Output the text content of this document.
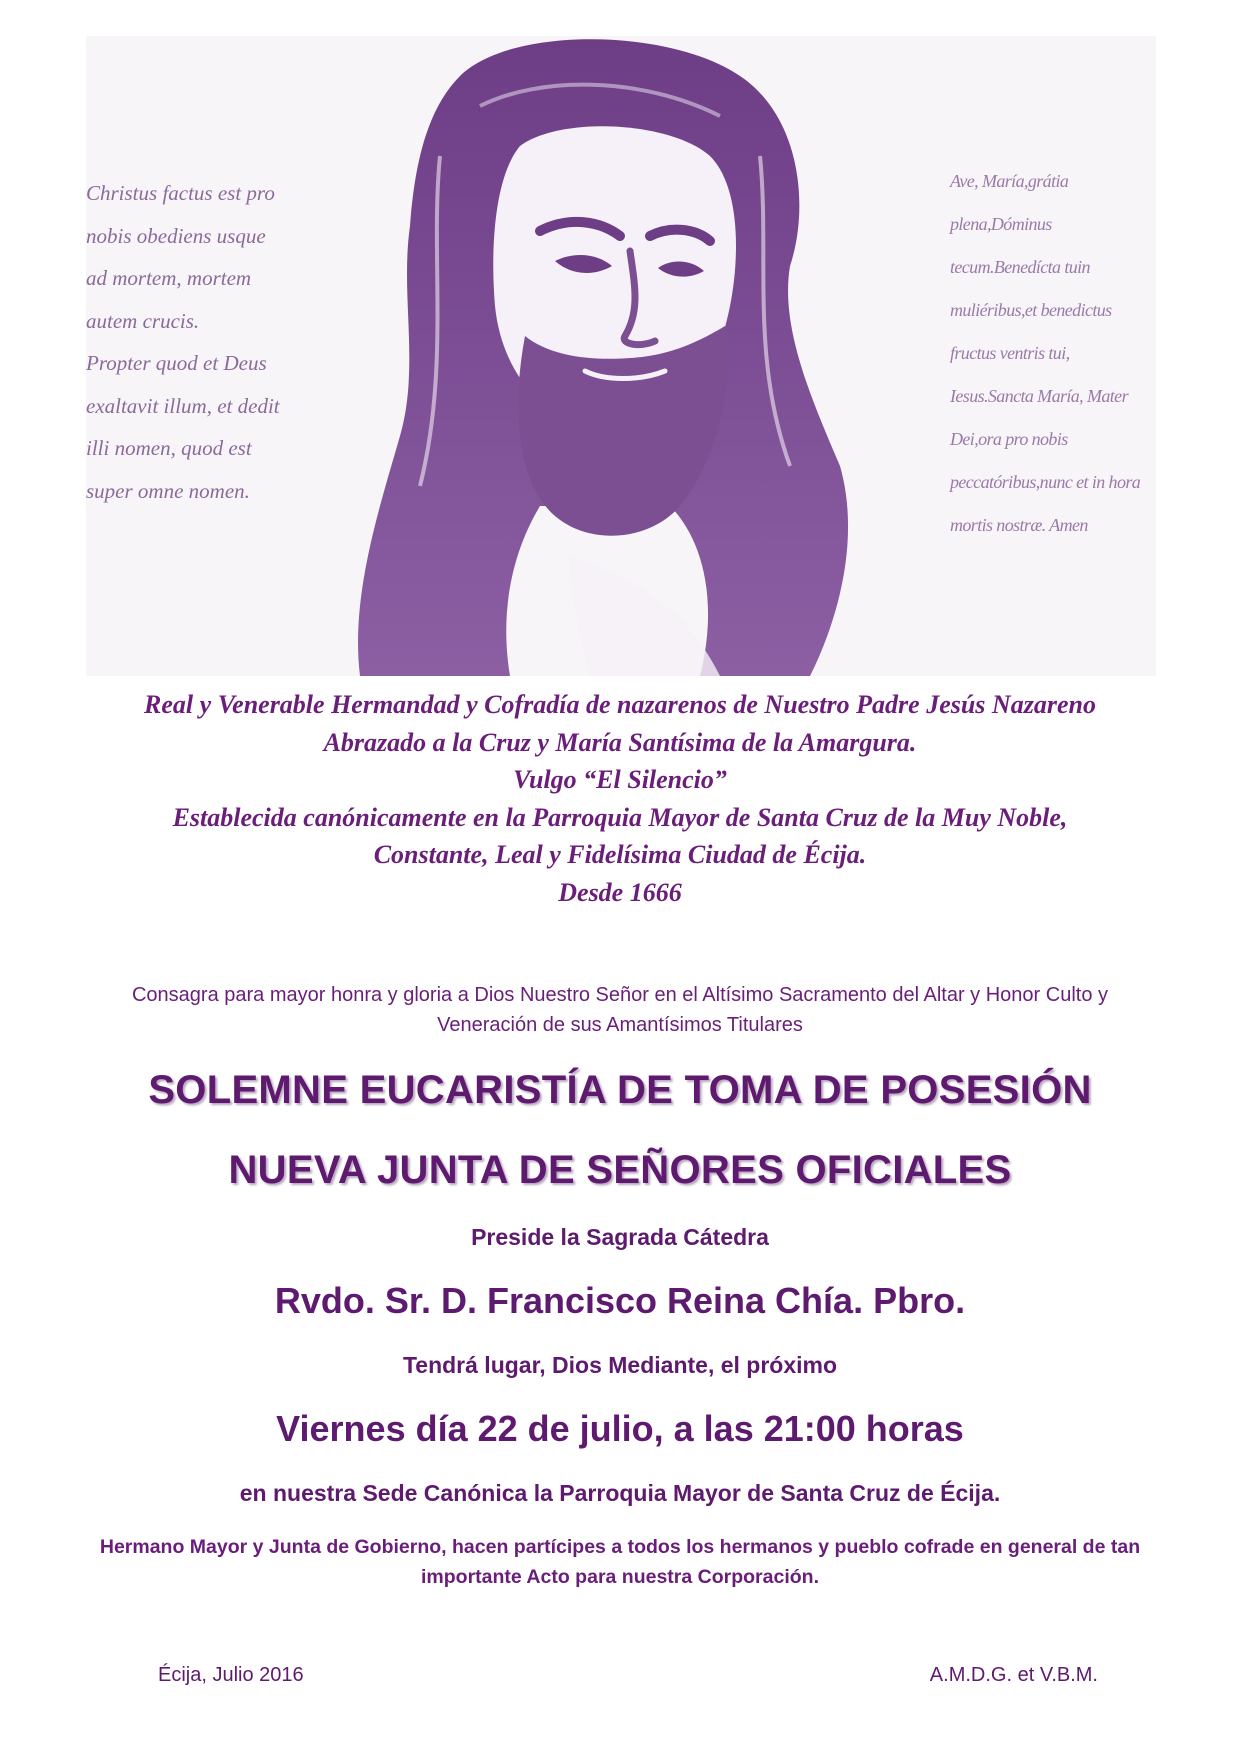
Christus factus est pro
nobis obediens usque
ad mortem, mortem
autem crucis.
Propter quod et Deus
exaltavit illum, et dedit
illi nomen, quod est
super omne nomen.
Ave, María,grátia
plena,Dóminus
tecum.Benedícta tuin
muliéribus,et benedictus
fructus ventris tui,
Iesus.Sancta María, Mater
Dei,ora pro nobis
peccatóribus,nunc et in hora
mortis nostræ. Amen
Real y Venerable Hermandad y Cofradía de nazarenos de Nuestro Padre Jesús Nazareno
Abrazado a la Cruz y María Santísima de la Amargura.
Vulgo “El Silencio”
Establecida canónicamente en la Parroquia Mayor de Santa Cruz de la Muy Noble,
Constante, Leal y Fidelísima Ciudad de Écija.
Desde 1666

Consagra para mayor honra y gloria a Dios Nuestro Señor en el Altísimo Sacramento del Altar y Honor Culto y Veneración de sus Amantísimos Titulares

SOLEMNE EUCARISTÍA DE TOMA DE POSESIÓN

NUEVA JUNTA DE SEÑORES OFICIALES

Preside la Sagrada Cátedra

Rvdo. Sr. D. Francisco Reina Chía. Pbro.

Tendrá lugar, Dios Mediante, el próximo

Viernes día 22 de julio, a las 21:00 horas

en nuestra Sede Canónica la Parroquia Mayor de Santa Cruz de Écija.

Hermano Mayor y Junta de Gobierno, hacen partícipes a todos los hermanos y pueblo cofrade en general de tan importante Acto para nuestra Corporación.

Écija, Julio 2016	A.M.D.G. et V.B.M.
